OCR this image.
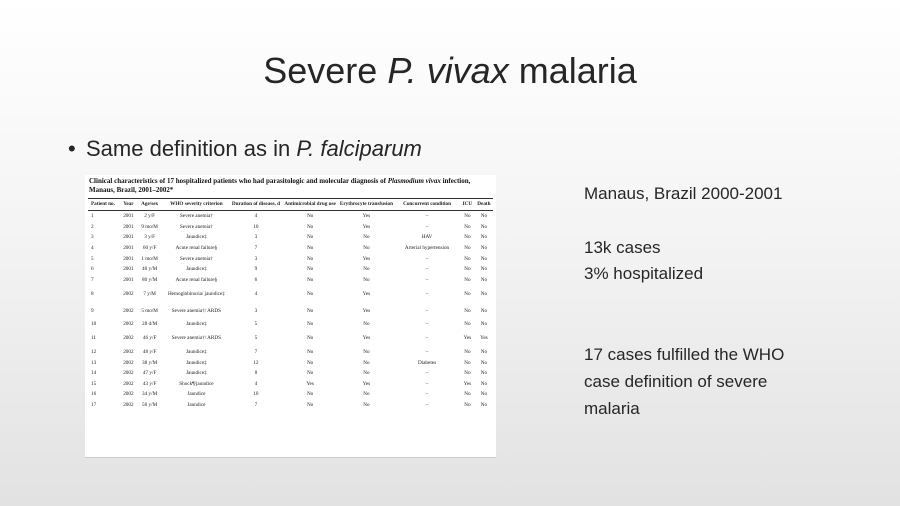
Severe P. vivax malaria
• Same definition as in P. falciparum
Clinical characteristics of 17 hospitalized patients who had parasitologic and molecular diagnosis of Plasmodium vivax infection, Manaus, Brazil, 2001–2002*
Patient no.	Year	Age/sex	WHO severity criterion	Duration of disease, d	Antimicrobial drug use	Erythrocyte transfusion	Concurrent condition	ICU	Death
1	2001	2 y/F	Severe anemia†	4	No	Yes	–	No	No
2	2001	9 mo/M	Severe anemia†	10	No	Yes	–	No	No
3	2001	3 y/F	Jaundice‡	3	No	No	HAV	No	No
4	2001	60 y/F	Acute renal failure§	7	No	No	Arterial hypertension	No	No
5	2001	1 mo/M	Severe anemia†	3	No	Yes	–	No	No
6	2001	40 y/M	Jaundice‡	9	No	No	–	No	No
7	2001	80 y/M	Acute renal failure§	6	No	No	–	No	No
8	2002	7 y/M	Hemoglobinuria/ jaundice‡	4	No	Yes	–	No	No
9	2002	5 mo/M	Severe anemia†/ ARDS	3	No	Yes	–	No	No
10	2002	28 d/M	Jaundice‡	5	No	No	–	No	No
11	2002	46 y/F	Severe anemia†/ ARDS	5	No	Yes	–	Yes	Yes
12	2002	48 y/F	Jaundice‡	7	No	No	–	No	No
13	2002	38 y/M	Jaundice‡	12	No	No	Diabetes	No	No
14	2002	47 y/F	Jaundice‡	8	No	No	–	No	No
15	2002	43 y/F	Shock¶/jaundice	4	Yes	Yes	–	Yes	No
16	2002	34 y/M	Jaundice	10	No	No	–	No	No
17	2002	50 y/M	Jaundice	7	No	No	–	No	No
Manaus, Brazil 2000-2001
13k cases
3% hospitalized
17 cases fulfilled the WHO
case definition of severe
malaria
